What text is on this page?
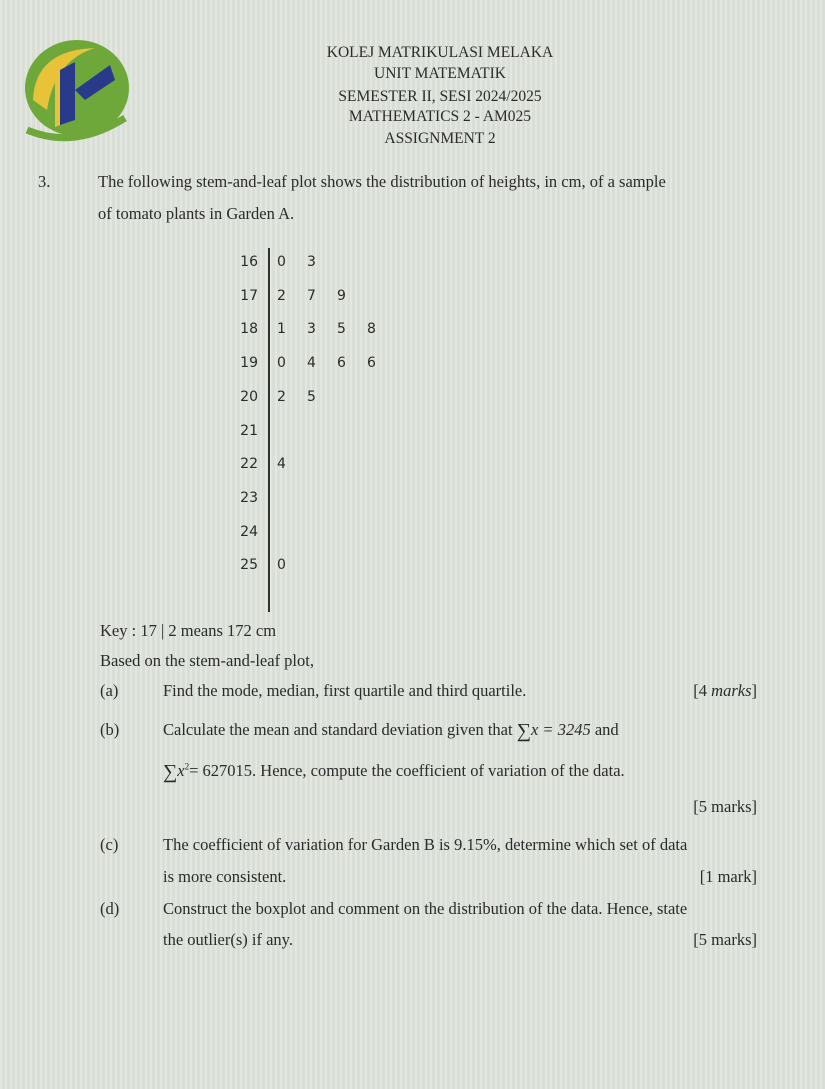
KOLEJ MATRIKULASI MELAKA
UNIT MATEMATIK
SEMESTER II, SESI 2024/2025
MATHEMATICS 2 - AM025
ASSIGNMENT 2
3.	The following stem-and-leaf plot shows the distribution of heights, in cm, of a sample
of tomato plants in Garden A.
16 0 3
17 2 7 9
18 1 3 5 8
19 0 4 6 6
20 2 5
21
22 4
23
24
25 0
Key : 17 | 2 means 172 cm
Based on the stem-and-leaf plot,
(a)	Find the mode, median, first quartile and third quartile.	[4 marks]
(b)	Calculate the mean and standard deviation given that ∑x = 3245 and
$\sum x^2= 627015$. Hence, compute the coefficient of variation of the data.
[5 marks]
(c)	The coefficient of variation for Garden B is 9.15%, determine which set of data
is more consistent.	[1 mark]
(d)	Construct the boxplot and comment on the distribution of the data. Hence, state
the outlier(s) if any.	[5 marks]
